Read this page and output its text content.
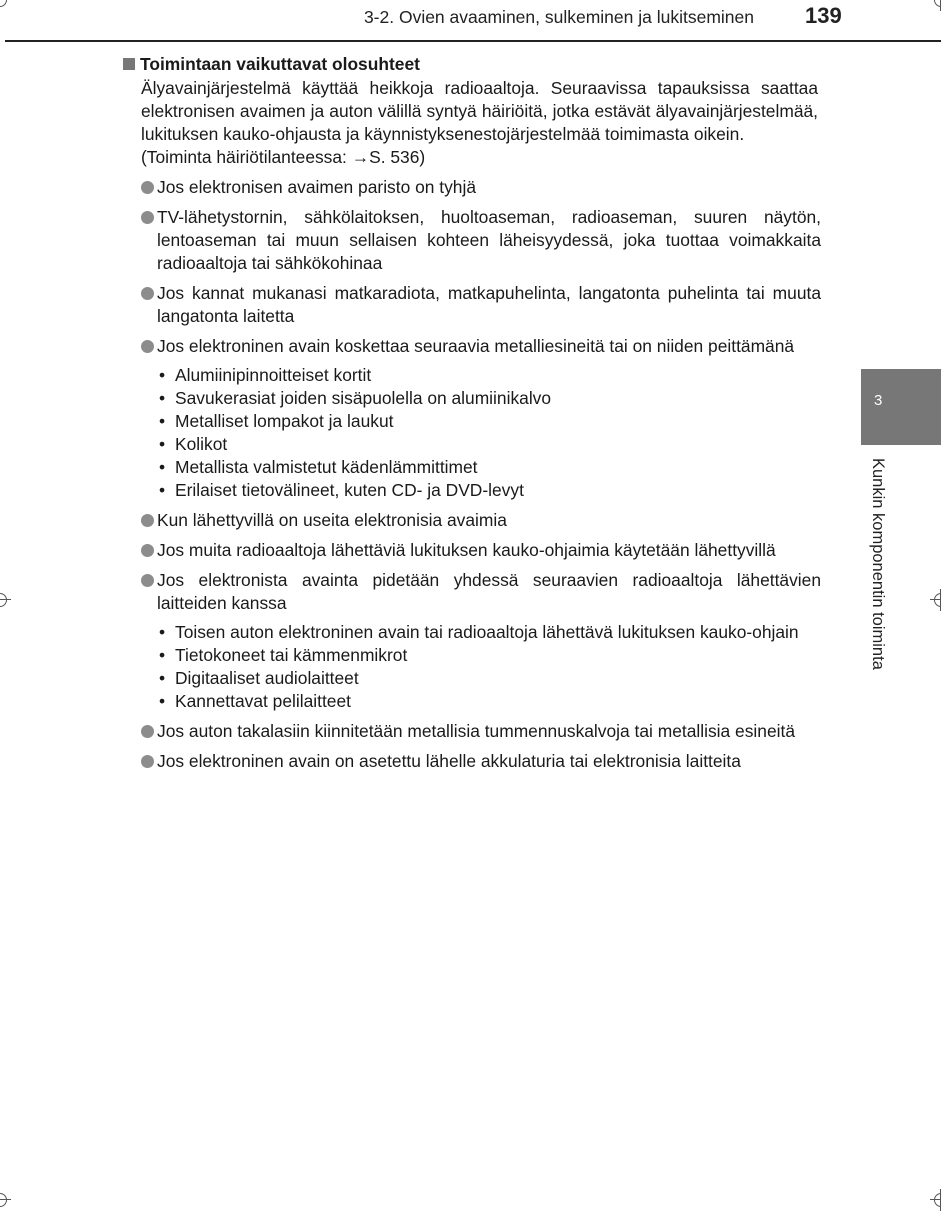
3-2. Ovien avaaminen, sulkeminen ja lukitseminen 139
Toimintaan vaikuttavat olosuhteet
Älyavainjärjestelmä käyttää heikkoja radioaaltoja. Seuraavissa tapauksissa saattaa elektronisen avaimen ja auton välillä syntyä häiriöitä, jotka estävät älyavainjärjestelmää, lukituksen kauko-ohjausta ja käynnistyksenestojärjestelmää toimimasta oikein.
(Toiminta häiriötilanteessa: →S. 536)
Jos elektronisen avaimen paristo on tyhjä
TV-lähetystornin, sähkölaitoksen, huoltoaseman, radioaseman, suuren näytön, lentoaseman tai muun sellaisen kohteen läheisyydessä, joka tuottaa voimakkaita radioaaltoja tai sähkökohinaa
Jos kannat mukanasi matkaradiota, matkapuhelinta, langatonta puhelinta tai muuta langatonta laitetta
Jos elektroninen avain koskettaa seuraavia metalliesineitä tai on niiden peittämänä
• Alumiinipinnoitteiset kortit
• Savukerasiat joiden sisäpuolella on alumiinikalvo
• Metalliset lompakot ja laukut
• Kolikot
• Metallista valmistetut kädenlämmittimet
• Erilaiset tietovälineet, kuten CD- ja DVD-levyt
Kun lähettyvillä on useita elektronisia avaimia
Jos muita radioaaltoja lähettäviä lukituksen kauko-ohjaimia käytetään lähettyvillä
Jos elektronista avainta pidetään yhdessä seuraavien radioaaltoja lähettävien laitteiden kanssa
• Toisen auton elektroninen avain tai radioaaltoja lähettävä lukituksen kauko-ohjain
• Tietokoneet tai kämmenmikrot
• Digitaaliset audiolaitteet
• Kannettavat pelilaitteet
Jos auton takalasiin kiinnitetään metallisia tummennuskalvoja tai metallisia esineitä
Jos elektroninen avain on asetettu lähelle akkulaturia tai elektronisia laitteita
3
Kunkin komponentin toiminta
